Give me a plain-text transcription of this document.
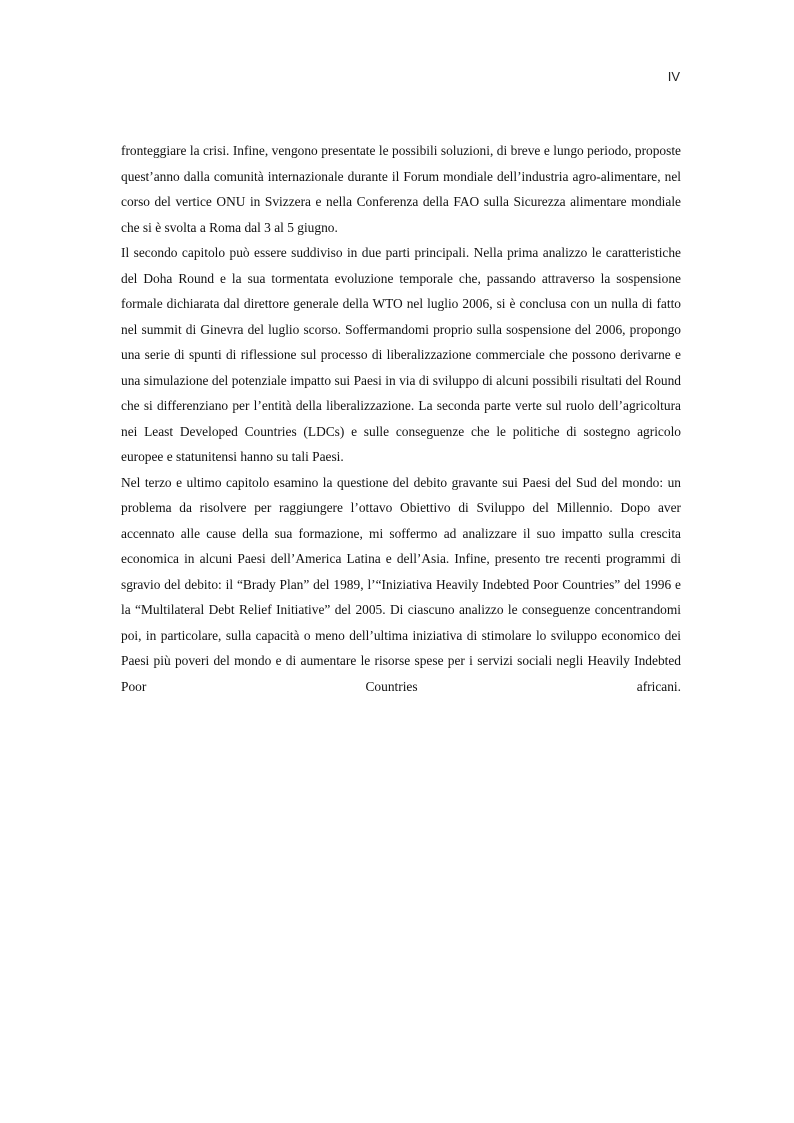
IV

fronteggiare la crisi. Infine, vengono presentate le possibili soluzioni, di breve e lungo periodo, proposte quest’anno dalla comunità internazionale durante il Forum mondiale dell’industria agro-alimentare, nel corso del vertice ONU in Svizzera e nella Conferenza della FAO sulla Sicurezza alimentare mondiale che si è svolta a Roma dal 3 al 5 giugno.

Il secondo capitolo può essere suddiviso in due parti principali. Nella prima analizzo le caratteristiche del Doha Round e la sua tormentata evoluzione temporale che, passando attraverso la sospensione formale dichiarata dal direttore generale della WTO nel luglio 2006, si è conclusa con un nulla di fatto nel summit di Ginevra del luglio scorso. Soffermandomi proprio sulla sospensione del 2006, propongo una serie di spunti di riflessione sul processo di liberalizzazione commerciale che possono derivarne e una simulazione del potenziale impatto sui Paesi in via di sviluppo di alcuni possibili risultati del Round che si differenziano per l’entità della liberalizzazione. La seconda parte verte sul ruolo dell’agricoltura nei Least Developed Countries (LDCs) e sulle conseguenze che le politiche di sostegno agricolo europee e statunitensi hanno su tali Paesi.

Nel terzo e ultimo capitolo esamino la questione del debito gravante sui Paesi del Sud del mondo: un problema da risolvere per raggiungere l’ottavo Obiettivo di Sviluppo del Millennio. Dopo aver accennato alle cause della sua formazione, mi soffermo ad analizzare il suo impatto sulla crescita economica in alcuni Paesi dell’America Latina e dell’Asia. Infine, presento tre recenti programmi di sgravio del debito: il “Brady Plan” del 1989, l’“Iniziativa Heavily Indebted Poor Countries” del 1996 e la “Multilateral Debt Relief Initiative” del 2005. Di ciascuno analizzo le conseguenze concentrandomi poi, in particolare, sulla capacità o meno dell’ultima iniziativa di stimolare lo sviluppo economico dei Paesi più poveri del mondo e di aumentare le risorse spese per i servizi sociali negli Heavily Indebted Poor Countries africani.
